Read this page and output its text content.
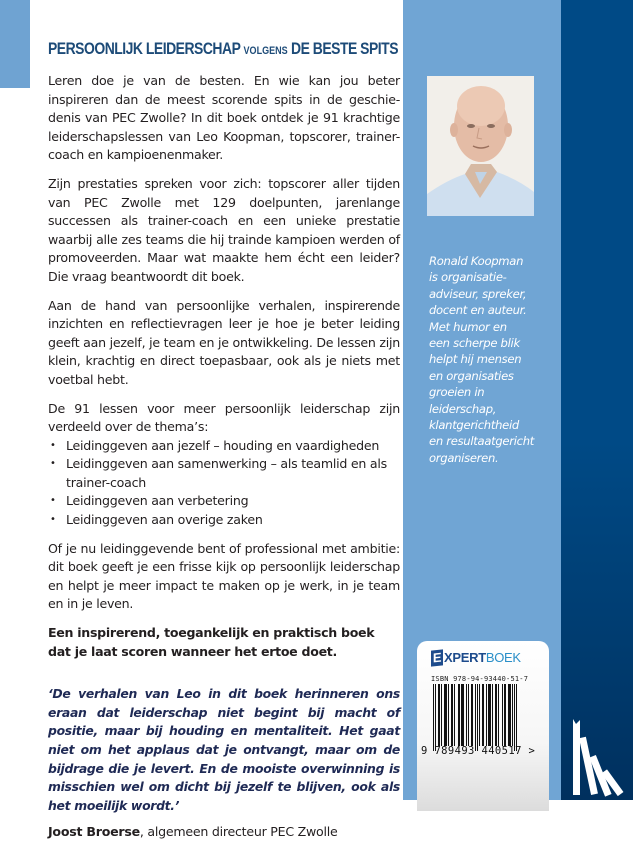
PERSOONLIJK LEIDERSCHAP VOLGENS DE BESTE SPITS

Leren doe je van de besten. En wie kan jou beter inspireren dan de meest scorende spits in de geschie-denis van PEC Zwolle? In dit boek ontdek je 91 krachtige leiderschapslessen van Leo Koopman, topscorer, trainer-coach en kampioenenmaker.

Zijn prestaties spreken voor zich: topscorer aller tijden van PEC Zwolle met 129 doelpunten, jarenlange successen als trainer-coach en een unieke prestatie waarbij alle zes teams die hij trainde kampioen werden of promoveerden. Maar wat maakte hem écht een leider? Die vraag beantwoordt dit boek.

Aan de hand van persoonlijke verhalen, inspirerende inzichten en reflectievragen leer je hoe je beter leiding geeft aan jezelf, je team en je ontwikkeling. De lessen zijn klein, krachtig en direct toepasbaar, ook als je niets met voetbal hebt.

De 91 lessen voor meer persoonlijk leiderschap zijn verdeeld over de thema’s:

• Leidinggeven aan jezelf – houding en vaardigheden
• Leidinggeven aan samenwerking – als teamlid en als trainer-coach
• Leidinggeven aan verbetering
• Leidinggeven aan overige zaken

Of je nu leidinggevende bent of professional met ambitie: dit boek geeft je een frisse kijk op persoonlijk leiderschap en helpt je meer impact te maken op je werk, in je team en in je leven.

Een inspirerend, toegankelijk en praktisch boek dat je laat scoren wanneer het ertoe doet.

‘De verhalen van Leo in dit boek herinneren ons eraan dat leiderschap niet begint bij macht of positie, maar bij houding en mentaliteit. Het gaat niet om het applaus dat je ontvangt, maar om de bijdrage die je levert. En de mooiste overwinning is misschien wel om dicht bij jezelf te blijven, ook als het moeilijk wordt.’

Joost Broerse, algemeen directeur PEC Zwolle
Ronald Koopman
is organisatie-
adviseur, spreker,
docent en auteur.
Met humor en
een scherpe blik
helpt hij mensen
en organisaties
groeien in
leiderschap,
klantgerichtheid
en resultaatgericht
organiseren.
E XPERTBOEK
ISBN 978-94-93440-51-7
9 789493 440517 >
